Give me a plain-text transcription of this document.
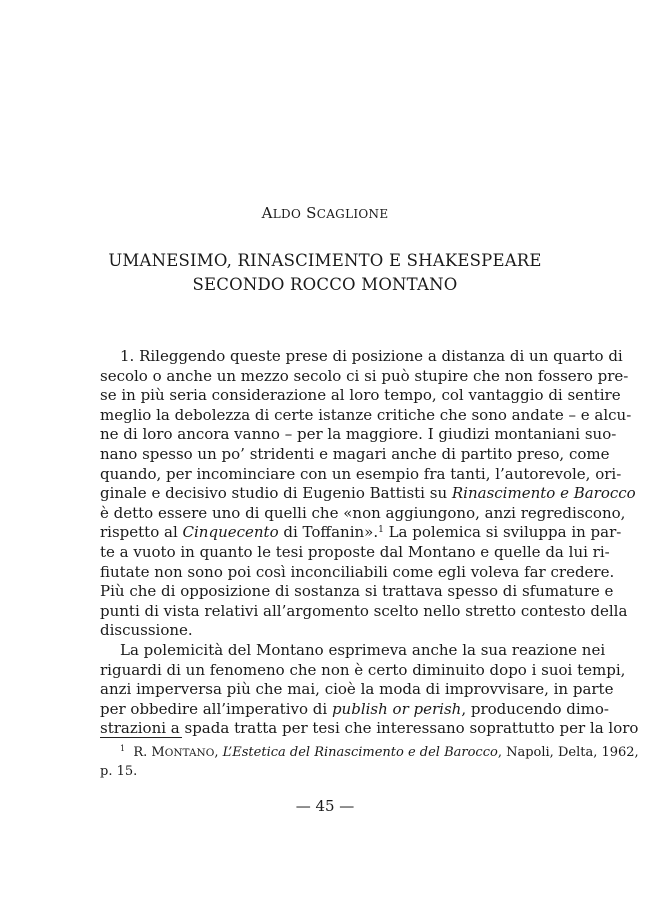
ALDO SCAGLIONE
UMANESIMO, RINASCIMENTO E SHAKESPEARE
SECONDO ROCCO MONTANO
1. Rileggendo queste prese di posizione a distanza di un quarto di
secolo o anche un mezzo secolo ci si può stupire che non fossero pre-
se in più seria considerazione al loro tempo, col vantaggio di sentire
meglio la debolezza di certe istanze critiche che sono andate – e alcu-
ne di loro ancora vanno – per la maggiore. I giudizi montaniani suo-
nano spesso un po’ stridenti e magari anche di partito preso, come
quando, per incominciare con un esempio fra tanti, l’autorevole, ori-
ginale e decisivo studio di Eugenio Battisti su Rinascimento e Barocco
è detto essere uno di quelli che «non aggiungono, anzi regrediscono,
rispetto al Cinquecento di Toffanin».$^1$ La polemica si sviluppa in par-
te a vuoto in quanto le tesi proposte dal Montano e quelle da lui ri-
fiutate non sono poi così inconciliabili come egli voleva far credere.
Più che di opposizione di sostanza si trattava spesso di sfumature e
punti di vista relativi all’argomento scelto nello stretto contesto della
discussione.
La polemicità del Montano esprimeva anche la sua reazione nei
riguardi di un fenomeno che non è certo diminuito dopo i suoi tempi,
anzi imperversa più che mai, cioè la moda di improvvisare, in parte
per obbedire all’imperativo di publish or perish, producendo dimo-
strazioni a spada tratta per tesi che interessano soprattutto per la loro
$^1$ R. MONTANO, L’Estetica del Rinascimento e del Barocco, Napoli, Delta, 1962,
p. 15.
— 45 —
